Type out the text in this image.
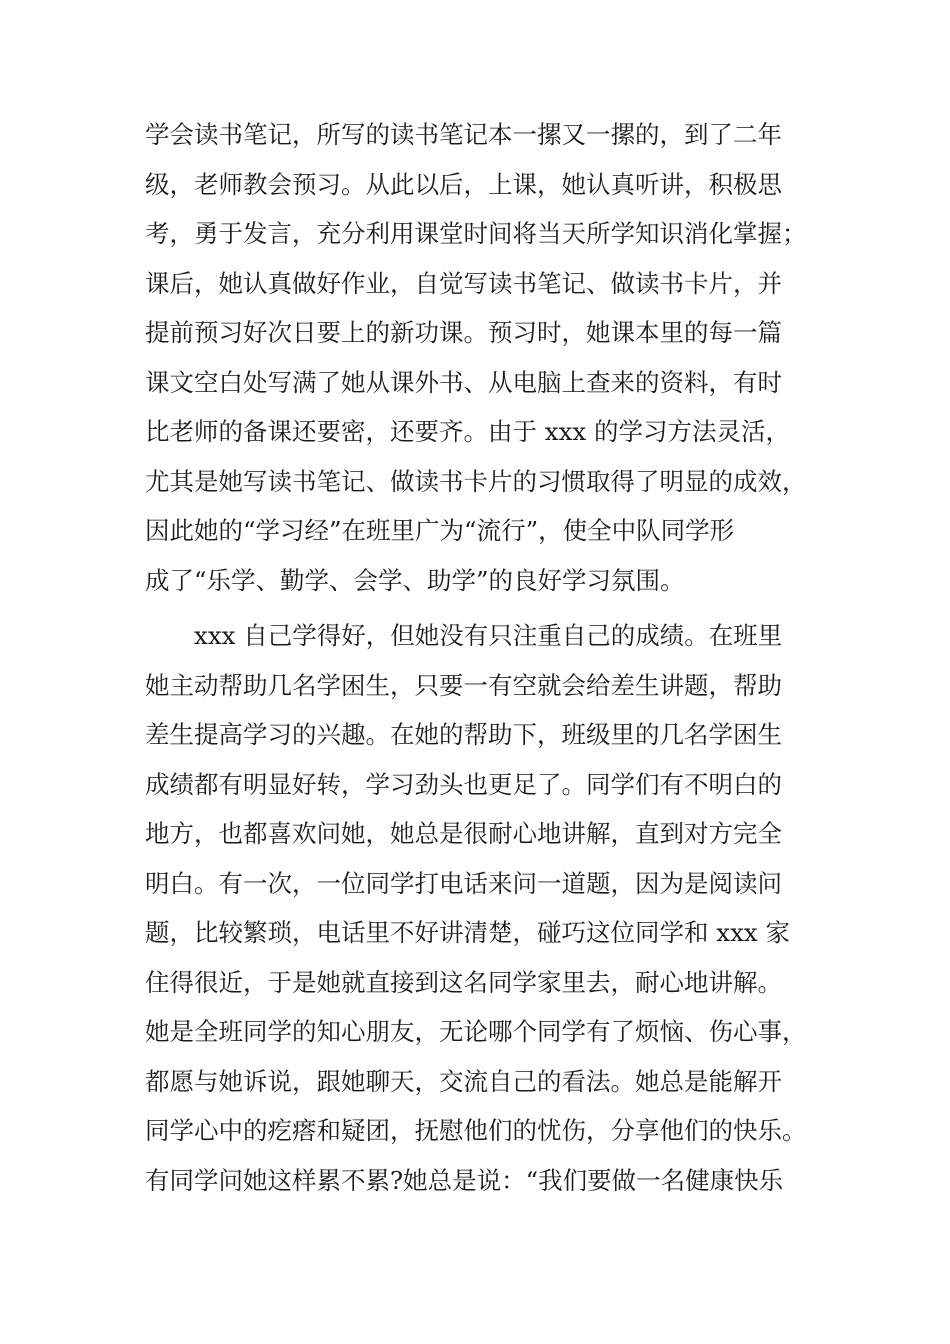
学会读书笔记，所写的读书笔记本一摞又一摞的，到了二年
级，老师教会预习。从此以后，上课，她认真听讲，积极思
考，勇于发言，充分利用课堂时间将当天所学知识消化掌握；
课后，她认真做好作业，自觉写读书笔记、做读书卡片，并
提前预习好次日要上的新功课。预习时，她课本里的每一篇
课文空白处写满了她从课外书、从电脑上查来的资料，有时
比老师的备课还要密，还要齐。由于 xxx 的学习方法灵活，
尤其是她写读书笔记、做读书卡片的习惯取得了明显的成效，
因此她的“学习经”在班里广为“流行”，使全中队同学形
成了“乐学、勤学、会学、助学”的良好学习氛围。
xxx 自己学得好，但她没有只注重自己的成绩。在班里
她主动帮助几名学困生，只要一有空就会给差生讲题，帮助
差生提高学习的兴趣。在她的帮助下，班级里的几名学困生
成绩都有明显好转，学习劲头也更足了。同学们有不明白的
地方，也都喜欢问她，她总是很耐心地讲解，直到对方完全
明白。有一次，一位同学打电话来问一道题，因为是阅读问
题，比较繁琐，电话里不好讲清楚，碰巧这位同学和 xxx 家
住得很近，于是她就直接到这名同学家里去，耐心地讲解。
她是全班同学的知心朋友，无论哪个同学有了烦恼、伤心事，
都愿与她诉说，跟她聊天，交流自己的看法。她总是能解开
同学心中的疙瘩和疑团，抚慰他们的忧伤，分享他们的快乐。
有同学问她这样累不累?她总是说：“我们要做一名健康快乐
